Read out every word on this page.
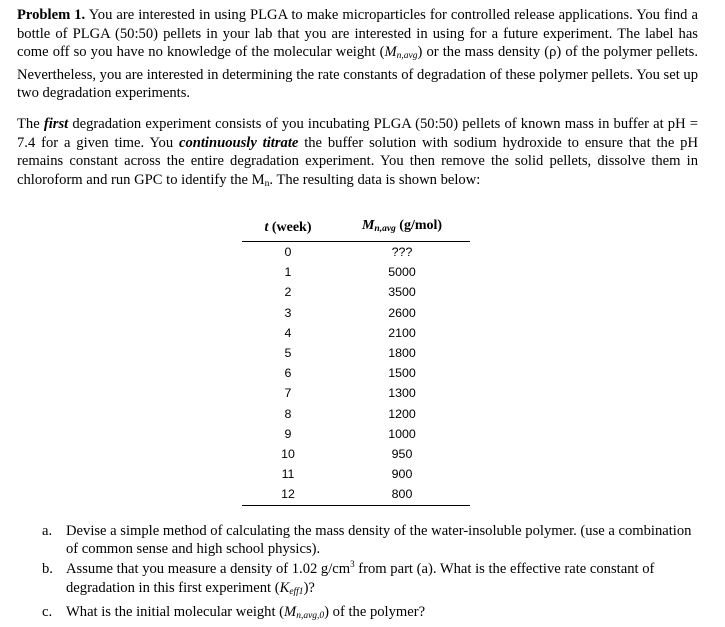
Problem 1. You are interested in using PLGA to make microparticles for controlled release applications. You find a bottle of PLGA (50:50) pellets in your lab that you are interested in using for a future experiment. The label has come off so you have no knowledge of the molecular weight $(M_{n,avg})$ or the mass density (ρ) of the polymer pellets. Nevertheless, you are interested in determining the rate constants of degradation of these polymer pellets. You set up two degradation experiments.

The first degradation experiment consists of you incubating PLGA (50:50) pellets of known mass in buffer at pH = 7.4 for a given time. You continuously titrate the buffer solution with sodium hydroxide to ensure that the pH remains constant across the entire degradation experiment. You then remove the solid pellets, dissolve them in chloroform and run GPC to identify the Mn. The resulting data is shown below:

t (week)	$M_{n,avg}$ (g/mol)
0	???
1	5000
2	3500
3	2600
4	2100
5	1800
6	1500
7	1300
8	1200
9	1000
10	950
11	900
12	800
a. Devise a simple method of calculating the mass density of the water-insoluble polymer. (use a combination of common sense and high school physics).
b. Assume that you measure a density of 1.02 $g/cm^3$ from part (a). What is the effective rate constant of degradation in this first experiment $(K_{eff1})$?
c. What is the initial molecular weight $(M_{n,avg,0})$ of the polymer?
